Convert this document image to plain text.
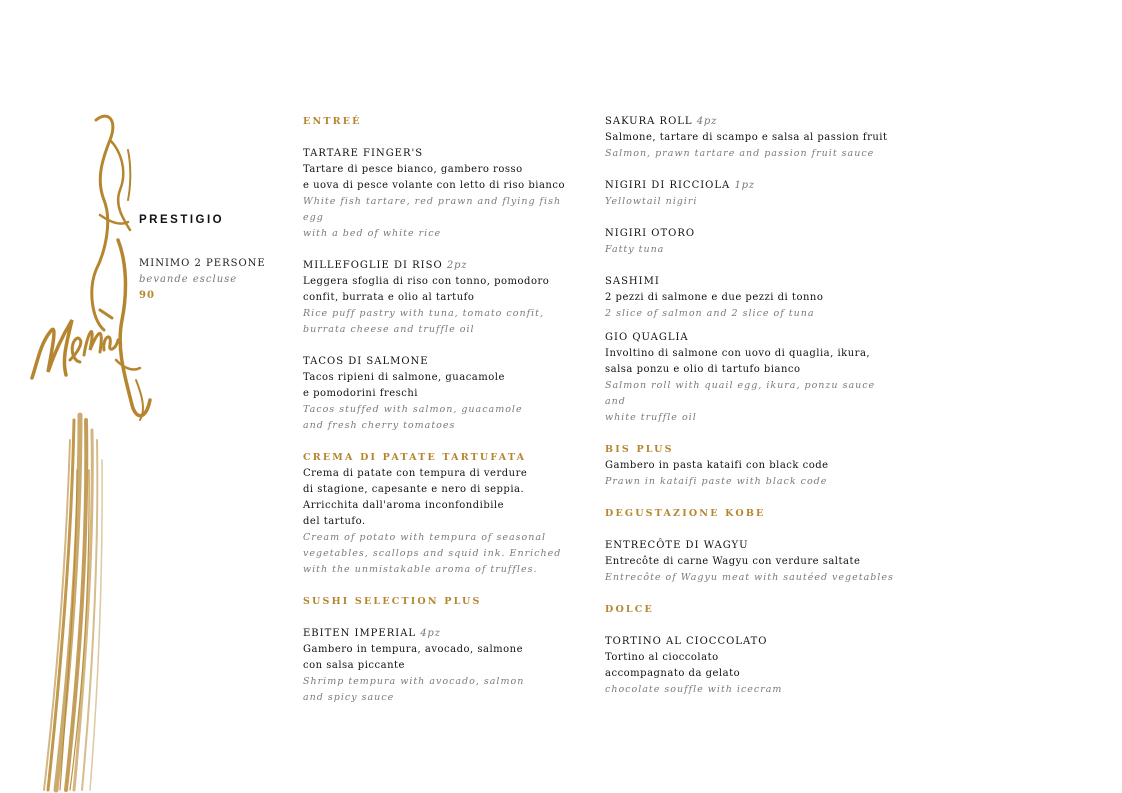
PRESTIGIO

MINIMO 2 PERSONE

bevande escluse

90

ENTREÉ

TARTARE FINGER'S

Tartare di pesce bianco, gambero rosso
e uova di pesce volante con letto di riso bianco

White fish tartare, red prawn and flying fish egg
with a bed of white rice

MILLEFOGLIE DI RISO 2pz

Leggera sfoglia di riso con tonno, pomodoro
confit, burrata e olio al tartufo

Rice puff pastry with tuna, tomato confit,
burrata cheese and truffle oil

TACOS DI SALMONE

Tacos ripieni di salmone, guacamole
e pomodorini freschi

Tacos stuffed with salmon, guacamole
and fresh cherry tomatoes

CREMA DI PATATE TARTUFATA

Crema di patate con tempura di verdure
di stagione, capesante e nero di seppia.
Arricchita dall'aroma inconfondibile
del tartufo.

Cream of potato with tempura of seasonal
vegetables, scallops and squid ink. Enriched
with the unmistakable aroma of truffles.

SUSHI SELECTION PLUS

EBITEN IMPERIAL 4pz

Gambero in tempura, avocado, salmone
con salsa piccante

Shrimp tempura with avocado, salmon
and spicy sauce

SAKURA ROLL 4pz

Salmone, tartare di scampo e salsa al passion fruit

Salmon, prawn tartare and passion fruit sauce

NIGIRI DI RICCIOLA 1pz

Yellowtail nigiri

NIGIRI OTORO

Fatty tuna

SASHIMI

2 pezzi di salmone e due pezzi di tonno

2 slice of salmon and 2 slice of tuna

GIO QUAGLIA

Involtino di salmone con uovo di quaglia, ikura,
salsa ponzu e olio di tartufo bianco

Salmon roll with quail egg, ikura, ponzu sauce and
white truffle oil

BIS PLUS

Gambero in pasta kataifi con black code

Prawn in kataifi paste with black code

DEGUSTAZIONE KOBE

ENTRECÔTE DI WAGYU

Entrecôte di carne Wagyu con verdure saltate

Entrecôte of Wagyu meat with sautéed vegetables

DOLCE

TORTINO AL CIOCCOLATO

Tortino al cioccolato
accompagnato da gelato

chocolate souffle with icecram
